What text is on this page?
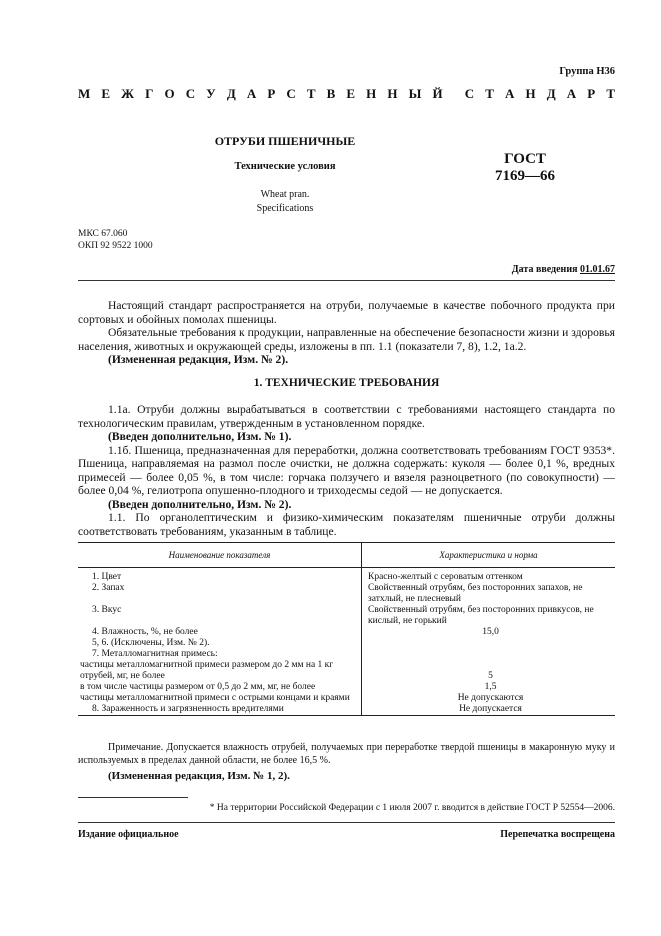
Группа Н36
М Е Ж Г О С У Д А Р С Т В Е Н Н Ы Й С Т А Н Д А Р Т
ОТРУБИ ПШЕНИЧНЫЕ
Технические условия	ГОСТ
7169—66
Wheat pran.
Specifications
МКС 67.060
ОКП 92 9522 1000
Дата введения 01.01.67

Настоящий стандарт распространяется на отруби, получаемые в качестве побочного продукта при сортовых и обойных помолах пшеницы.

Обязательные требования к продукции, направленные на обеспечение безопасности жизни и здоровья населения, животных и окружающей среды, изложены в пп. 1.1 (показатели 7, 8), 1.2, 1а.2.

(Измененная редакция, Изм. № 2).

1. ТЕХНИЧЕСКИЕ ТРЕБОВАНИЯ

1.1а. Отруби должны вырабатываться в соответствии с требованиями настоящего стандарта по технологическим правилам, утвержденным в установленном порядке.

(Введен дополнительно, Изм. № 1).

1.1б. Пшеница, предназначенная для переработки, должна соответствовать требованиям ГОСТ 9353*. Пшеница, направляемая на размол после очистки, не должна содержать: куколя — более 0,1 %, вредных примесей — более 0,05 %, в том числе: горчака ползучего и вязеля разноцветного (по совокупности) — более 0,04 %, гелиотропа опушенно-плодного и триходесмы седой — не допускается.

(Введен дополнительно, Изм. № 2).

1.1. По органолептическим и физико-химическим показателям пшеничные отруби должны соответствовать требованиям, указанным в таблице.

Наименование показателя	Характеристика и норма
1. Цвет	Красно-желтый с сероватым оттенком
2. Запах	Свойственный отрубям, без посторонних запахов, не затхлый, не плесневый
3. Вкус	Свойственный отрубям, без посторонних привкусов, не кислый, не горький
4. Влажность, %, не более	15,0
5, 6. (Исключены, Изм. № 2).	
7. Металломагнитная примесь:	
частицы металломагнитной примеси размером до 2 мм на 1 кг отрубей, мг, не более	5
в том числе частицы размером от 0,5 до 2 мм, мг, не более	1,5
частицы металломагнитной примеси с острыми концами и краями	Не допускаются
8. Зараженность и загрязненность вредителями	Не допускается

Примечание. Допускается влажность отрубей, получаемых при переработке твердой пшеницы в макаронную муку и используемых в пределах данной области, не более 16,5 %.

(Измененная редакция, Изм. № 1, 2).
* На территории Российской Федерации с 1 июля 2007 г. вводится в действие ГОСТ Р 52554—2006.
Издание официальное	Перепечатка воспрещена
